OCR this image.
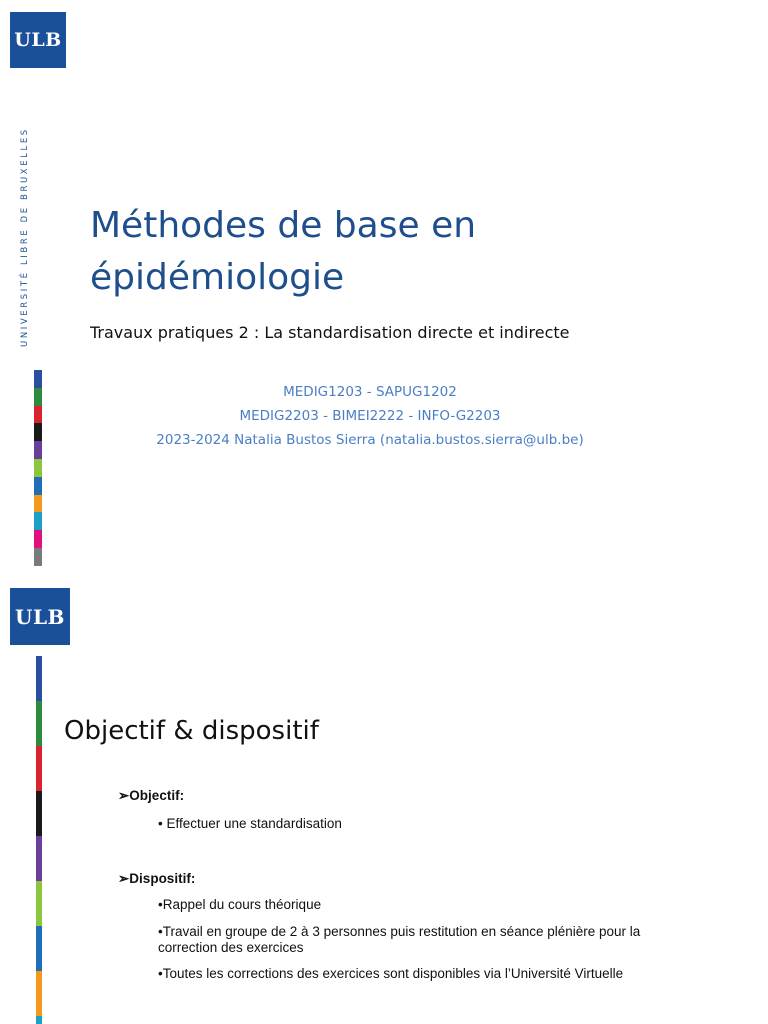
ULB
UNIVERSITÉ LIBRE DE BRUXELLES Méthodes de base en
épidémiologie
Travaux pratiques 2 : La standardisation directe et indirecte
MEDIG1203 - SAPUG1202
MEDIG2203 - BIMEI2222 - INFO-G2203
2023-2024 Natalia Bustos Sierra (natalia.bustos.sierra@ulb.be)
ULB
Objectif & dispositif
➢Objectif:
• Effectuer une standardisation
➢Dispositif:
•Rappel du cours théorique
•Travail en groupe de 2 à 3 personnes puis restitution en séance plénière pour la correction des exercices
•Toutes les corrections des exercices sont disponibles via l’Université Virtuelle
